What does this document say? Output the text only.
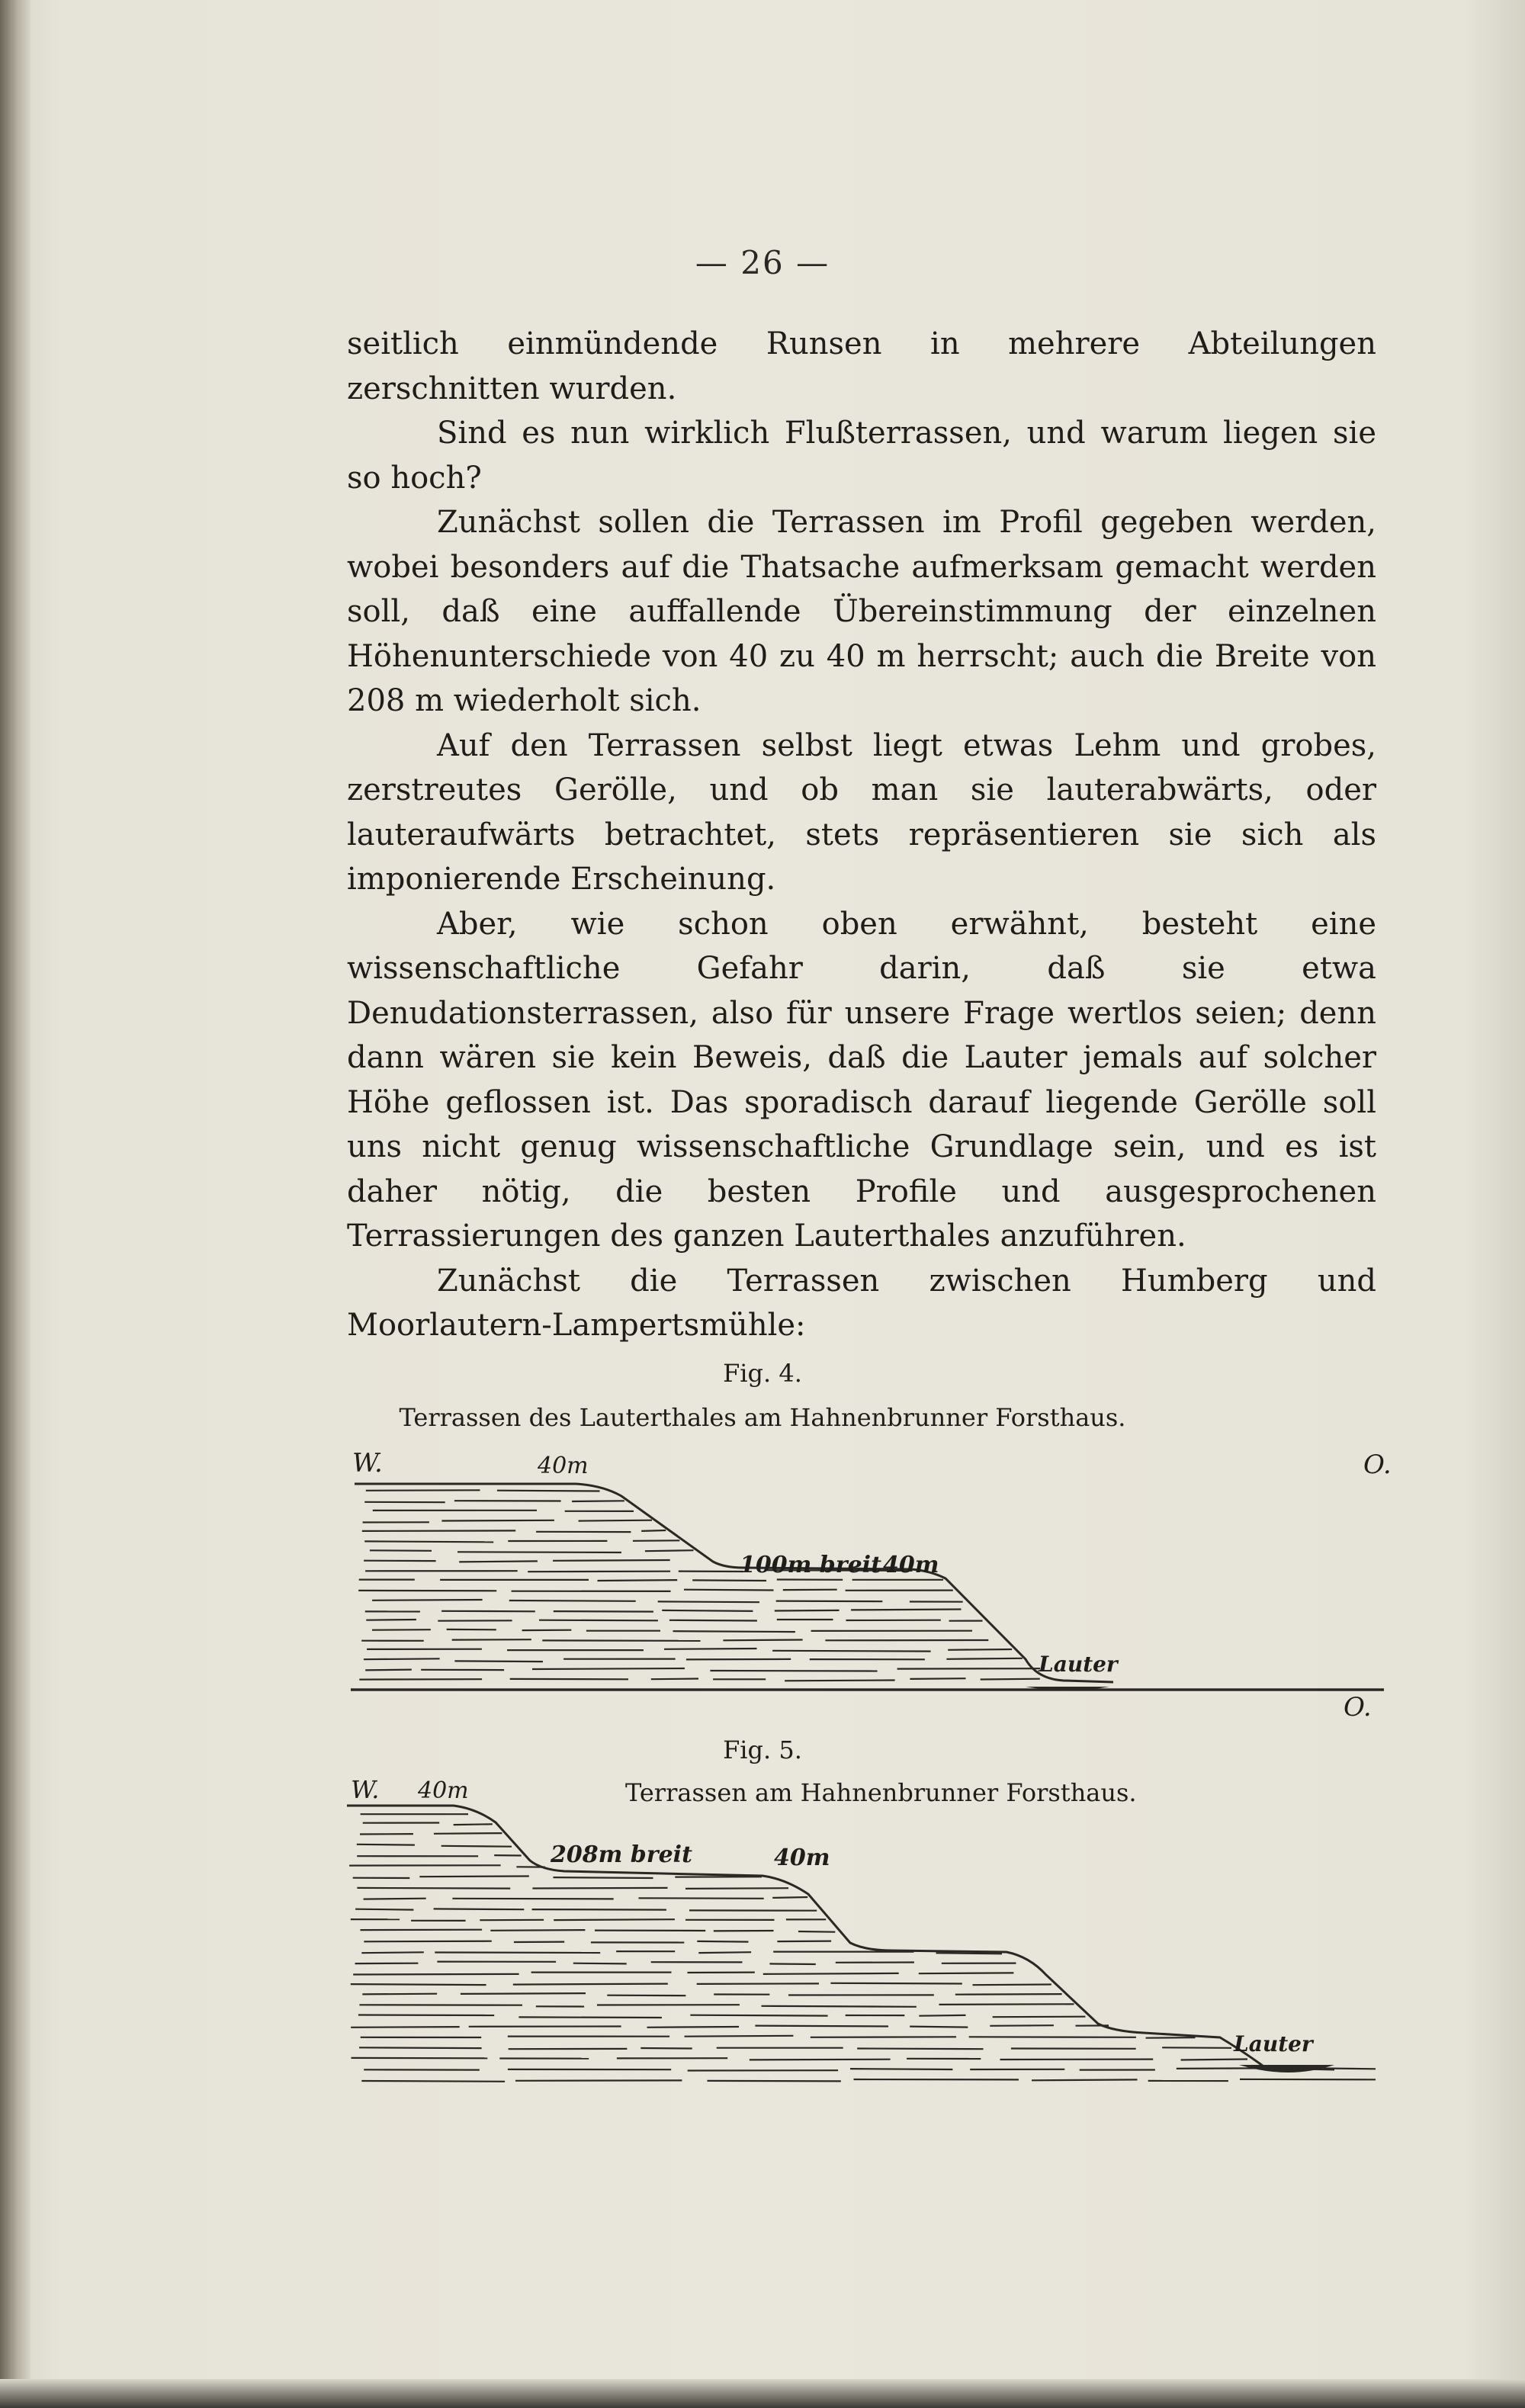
— 26 —

seitlich einmündende Runsen in mehrere Abteilungen zerschnitten wurden.

Sind es nun wirklich Flußterrassen, und warum liegen sie so hoch?

Zunächst sollen die Terrassen im Profil gegeben werden, wobei besonders auf die Thatsache aufmerksam gemacht werden soll, daß eine auffallende Übereinstimmung der einzelnen Höhenunterschiede von 40 zu 40 m herrscht; auch die Breite von 208 m wiederholt sich.

Auf den Terrassen selbst liegt etwas Lehm und grobes, zerstreutes Gerölle, und ob man sie lauterabwärts, oder lauteraufwärts betrachtet, stets repräsentieren sie sich als imponierende Erscheinung.

Aber, wie schon oben erwähnt, besteht eine wissenschaftliche Gefahr darin, daß sie etwa Denudationsterrassen, also für unsere Frage wertlos seien; denn dann wären sie kein Beweis, daß die Lauter jemals auf solcher Höhe geflossen ist. Das sporadisch darauf liegende Gerölle soll uns nicht genug wissenschaftliche Grundlage sein, und es ist daher nötig, die besten Profile und ausgesprochenen Terrassierungen des ganzen Lauterthales anzuführen.

Zunächst die Terrassen zwischen Humberg und Moorlautern-Lampertsmühle:

Fig. 4.
Terrassen des Lauterthales am Hahnenbrunner Forsthaus.
Fig. 5.
Terrassen am Hahnenbrunner Forsthaus.
W.	O.
O.
40m
100m breit 40m
Lauter
W. 40m
208m breit	40m
Lauter
